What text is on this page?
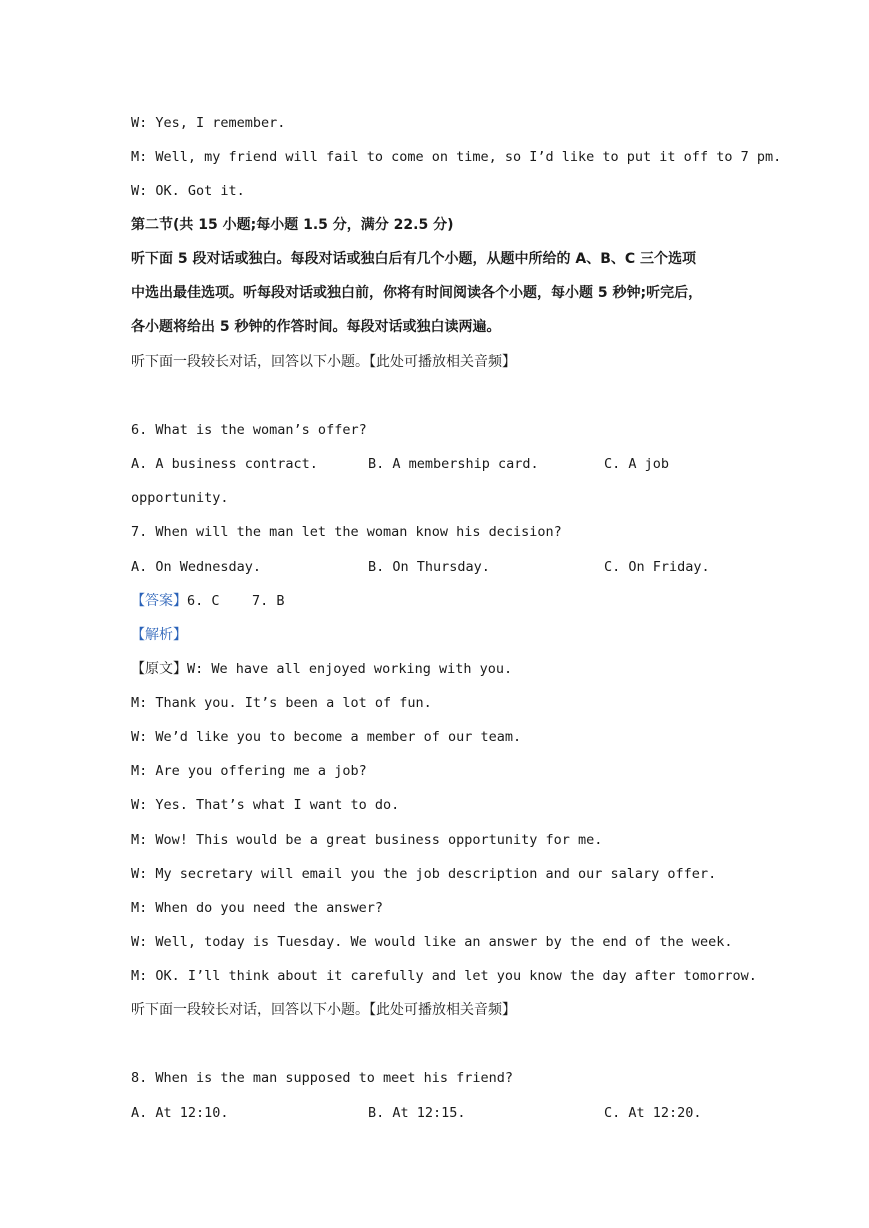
W: Yes, I remember.
M: Well, my friend will fail to come on time, so I’d like to put it off to 7 pm.
W: OK. Got it.
第二节(共 15 小题;每小题 1.5 分，满分 22.5 分)
听下面 5 段对话或独白。每段对话或独白后有几个小题，从题中所给的 A、B、C 三个选项
中选出最佳选项。听每段对话或独白前，你将有时间阅读各个小题，每小题 5 秒钟;听完后，
各小题将给出 5 秒钟的作答时间。每段对话或独白读两遍。
听下面一段较长对话，回答以下小题。【此处可播放相关音频】
6. What is the woman’s offer?
A. A business contract.	B. A membership card.	C. A job
opportunity.
7. When will the man let the woman know his decision?
A. On Wednesday.	B. On Thursday.	C. On Friday.
【答案】6. C    7. B
【解析】
【原文】W: We have all enjoyed working with you.
M: Thank you. It’s been a lot of fun.
W: We’d like you to become a member of our team.
M: Are you offering me a job?
W: Yes. That’s what I want to do.
M: Wow! This would be a great business opportunity for me.
W: My secretary will email you the job description and our salary offer.
M: When do you need the answer?
W: Well, today is Tuesday. We would like an answer by the end of the week.
M: OK. I’ll think about it carefully and let you know the day after tomorrow.
听下面一段较长对话，回答以下小题。【此处可播放相关音频】
8. When is the man supposed to meet his friend?
A. At 12:10.	B. At 12:15.	C. At 12:20.
